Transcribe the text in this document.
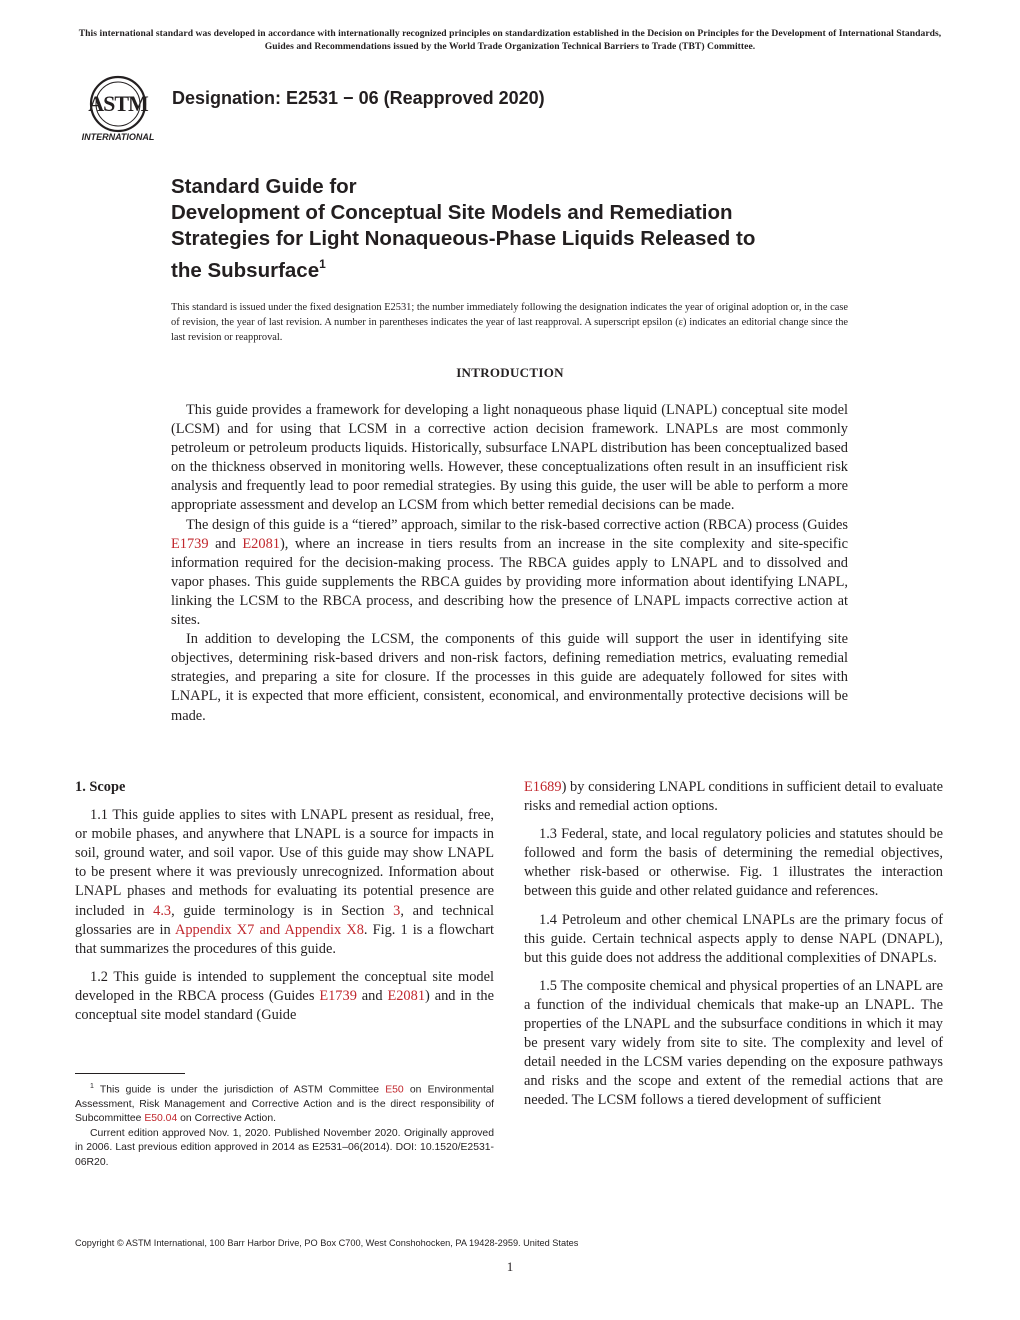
This international standard was developed in accordance with internationally recognized principles on standardization established in the Decision on Principles for the Development of International Standards, Guides and Recommendations issued by the World Trade Organization Technical Barriers to Trade (TBT) Committee.
ASTM
INTERNATIONAL
Designation: E2531 − 06 (Reapproved 2020)
Standard Guide for
Development of Conceptual Site Models and Remediation
Strategies for Light Nonaqueous-Phase Liquids Released to
the Subsurface$^1$
This standard is issued under the fixed designation E2531; the number immediately following the designation indicates the year of original adoption or, in the case of revision, the year of last revision. A number in parentheses indicates the year of last reapproval. A superscript epsilon (ε) indicates an editorial change since the last revision or reapproval.
INTRODUCTION

This guide provides a framework for developing a light nonaqueous phase liquid (LNAPL) conceptual site model (LCSM) and for using that LCSM in a corrective action decision framework. LNAPLs are most commonly petroleum or petroleum products liquids. Historically, subsurface LNAPL distribution has been conceptualized based on the thickness observed in monitoring wells. However, these conceptualizations often result in an insufficient risk analysis and frequently lead to poor remedial strategies. By using this guide, the user will be able to perform a more appropriate assessment and develop an LCSM from which better remedial decisions can be made.

The design of this guide is a “tiered” approach, similar to the risk-based corrective action (RBCA) process (Guides E1739 and E2081), where an increase in tiers results from an increase in the site complexity and site-specific information required for the decision-making process. The RBCA guides apply to LNAPL and to dissolved and vapor phases. This guide supplements the RBCA guides by providing more information about identifying LNAPL, linking the LCSM to the RBCA process, and describing how the presence of LNAPL impacts corrective action at sites.

In addition to developing the LCSM, the components of this guide will support the user in identifying site objectives, determining risk-based drivers and non-risk factors, defining remediation metrics, evaluating remedial strategies, and preparing a site for closure. If the processes in this guide are adequately followed for sites with LNAPL, it is expected that more efficient, consistent, economical, and environmentally protective decisions will be made.

1. Scope

1.1 This guide applies to sites with LNAPL present as residual, free, or mobile phases, and anywhere that LNAPL is a source for impacts in soil, ground water, and soil vapor. Use of this guide may show LNAPL to be present where it was previously unrecognized. Information about LNAPL phases and methods for evaluating its potential presence are included in 4.3, guide terminology is in Section 3, and technical glossaries are in Appendix X7 and Appendix X8. Fig. 1 is a flowchart that summarizes the procedures of this guide.

1.2 This guide is intended to supplement the conceptual site model developed in the RBCA process (Guides E1739 and E2081) and in the conceptual site model standard (Guide

E1689) by considering LNAPL conditions in sufficient detail to evaluate risks and remedial action options.

1.3 Federal, state, and local regulatory policies and statutes should be followed and form the basis of determining the remedial objectives, whether risk-based or otherwise. Fig. 1 illustrates the interaction between this guide and other related guidance and references.

1.4 Petroleum and other chemical LNAPLs are the primary focus of this guide. Certain technical aspects apply to dense NAPL (DNAPL), but this guide does not address the additional complexities of DNAPLs.

1.5 The composite chemical and physical properties of an LNAPL are a function of the individual chemicals that make-up an LNAPL. The properties of the LNAPL and the subsurface conditions in which it may be present vary widely from site to site. The complexity and level of detail needed in the LCSM varies depending on the exposure pathways and risks and the scope and extent of the remedial actions that are needed. The LCSM follows a tiered development of sufficient

$^1$ This guide is under the jurisdiction of ASTM Committee E50 on Environmental Assessment, Risk Management and Corrective Action and is the direct responsibility of Subcommittee E50.04 on Corrective Action.

Current edition approved Nov. 1, 2020. Published November 2020. Originally approved in 2006. Last previous edition approved in 2014 as E2531–06(2014). DOI: 10.1520/E2531-06R20.

Copyright © ASTM International, 100 Barr Harbor Drive, PO Box C700, West Conshohocken, PA 19428-2959. United States
1
